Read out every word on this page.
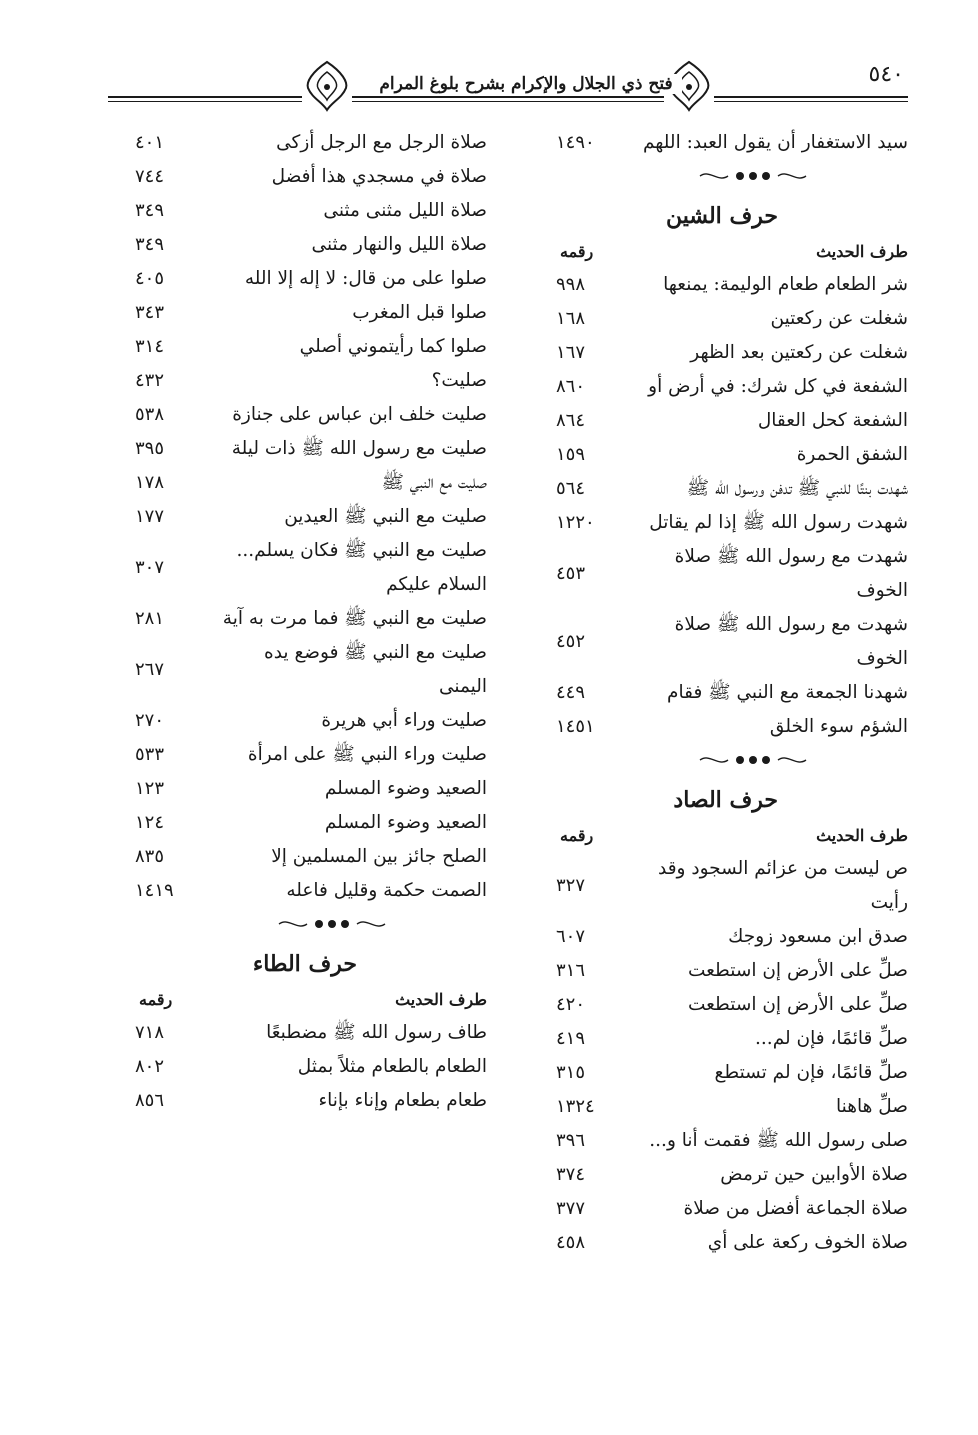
فتح ذي الجلال والإكرام بشرح بلوغ المرام	٥٤٠
سيد الاستغفار أن يقول العبد: اللهم
١٤٩٠
حرف الشين
طرف الحديث
رقمه
شر الطعام طعام الوليمة: يمنعها
٩٩٨
شغلت عن ركعتين
١٦٨
شغلت عن ركعتين بعد الظهر
١٦٧
الشفعة في كل شرك: في أرض أو
٨٦٠
الشفعة كحل العقال
٨٦٤
الشفق الحمرة
١٥٩
شهدت بنتًا للنبي ﷺ تدفن ورسول الله ﷺ
٥٦٤
شهدت رسول الله ﷺ إذا لم يقاتل
١٢٢٠
شهدت مع رسول الله ﷺ صلاة الخوف
٤٥٣
شهدت مع رسول الله ﷺ صلاة الخوف
٤٥٢
شهدنا الجمعة مع النبي ﷺ فقام
٤٤٩
الشؤم سوء الخلق
١٤٥١
حرف الصاد
طرف الحديث
رقمه
ص ليست من عزائم السجود وقد رأيت
٣٢٧
صدق ابن مسعود زوجك
٦٠٧
صلِّ على الأرض إن استطعت
٣١٦
صلِّ على الأرض إن استطعت
٤٢٠
صلِّ قائمًا، فإن لم...
٤١٩
صلِّ قائمًا، فإن لم تستطع
٣١٥
صلِّ هاهنا
١٣٢٤
صلى رسول الله ﷺ فقمت أنا و...
٣٩٦
صلاة الأوابين حين ترمض
٣٧٤
صلاة الجماعة أفضل من صلاة
٣٧٧
صلاة الخوف ركعة على أي
٤٥٨
صلاة الرجل مع الرجل أزكى
٤٠١
صلاة في مسجدي هذا أفضل
٧٤٤
صلاة الليل مثنى مثنى
٣٤٩
صلاة الليل والنهار مثنى
٣٤٩
صلوا على من قال: لا إله إلا الله
٤٠٥
صلوا قبل المغرب
٣٤٣
صلوا كما رأيتموني أصلي
٣١٤
صليت؟
٤٣٢
صليت خلف ابن عباس على جنازة
٥٣٨
صليت مع رسول الله ﷺ ذات ليلة
٣٩٥
صليت مع النبي ﷺ
١٧٨
صليت مع النبي ﷺ العيدين
١٧٧
صليت مع النبي ﷺ فكان يسلم... السلام عليكم
٣٠٧
صليت مع النبي ﷺ فما مرت به آية
٢٨١
صليت مع النبي ﷺ فوضع يده اليمنى
٢٦٧
صليت وراء أبي هريرة
٢٧٠
صليت وراء النبي ﷺ على امرأة
٥٣٣
الصعيد وضوء المسلم
١٢٣
الصعيد وضوء المسلم
١٢٤
الصلح جائز بين المسلمين إلا
٨٣٥
الصمت حكمة وقليل فاعله
١٤١٩
حرف الطاء
طرف الحديث
رقمه
طاف رسول الله ﷺ مضطبعًا
٧١٨
الطعام بالطعام مثلاً بمثل
٨٠٢
طعام بطعام وإناء بإناء
٨٥٦
